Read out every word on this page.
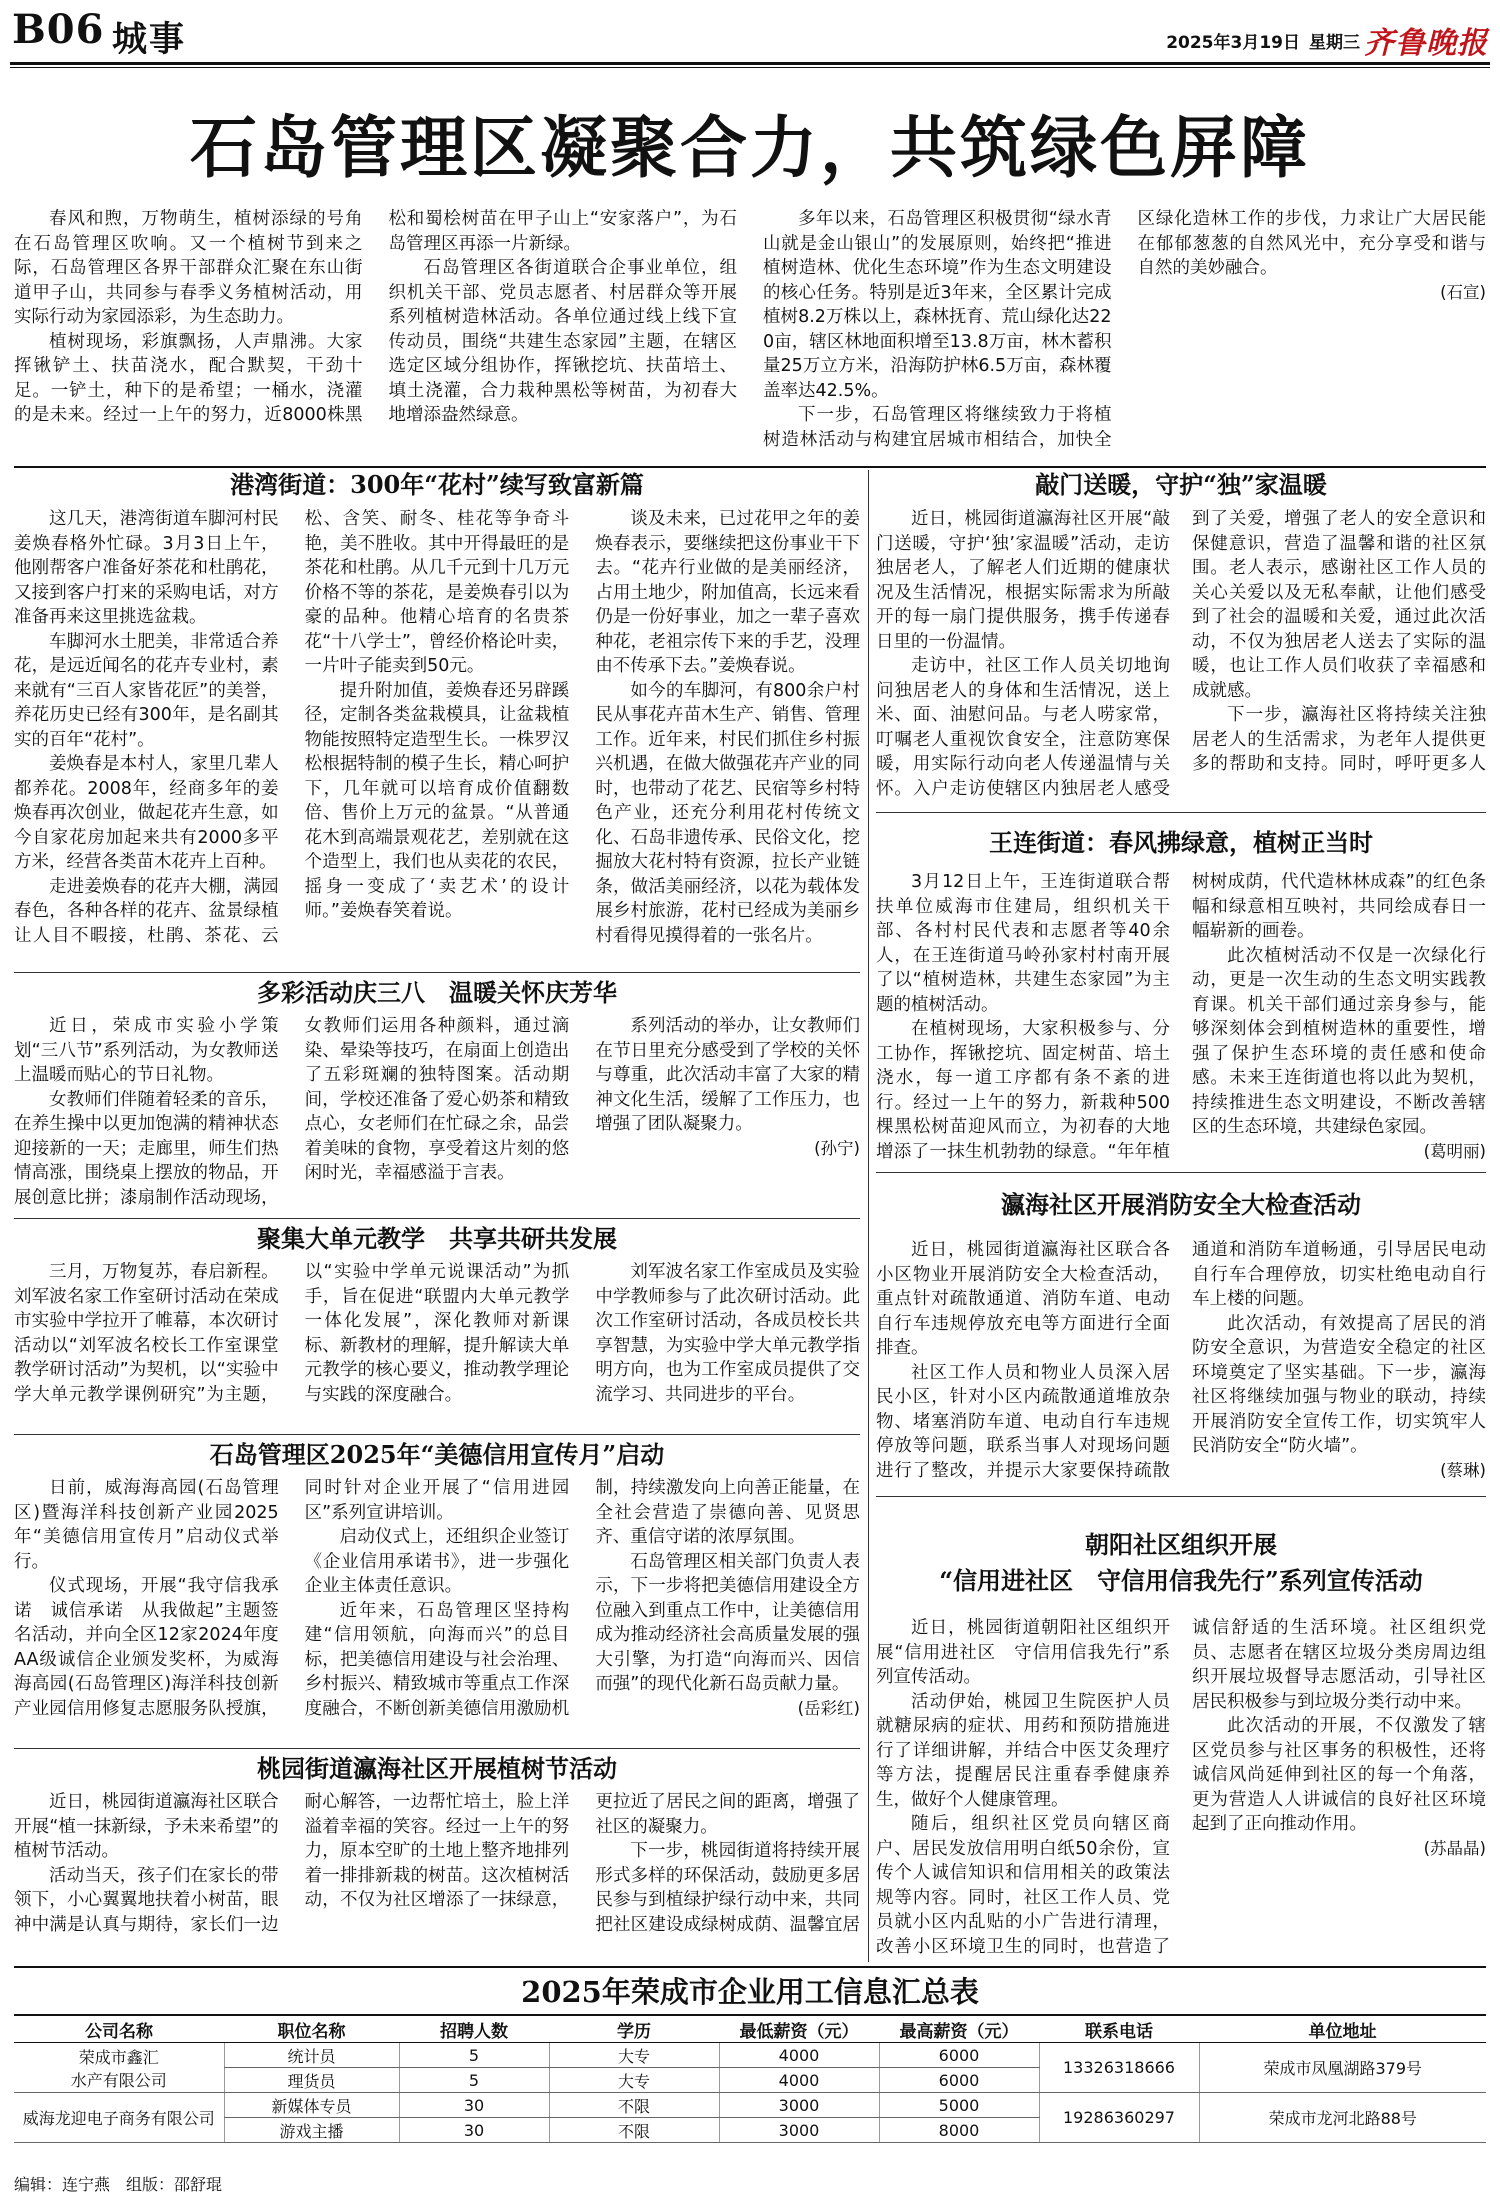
B06 城事	2025年3月19日 星期三 齐鲁晚报
石岛管理区凝聚合力，共筑绿色屏障

春风和煦，万物萌生，植树添绿的号角在石岛管理区吹响。又一个植树节到来之际，石岛管理区各界干部群众汇聚在东山街道甲子山，共同参与春季义务植树活动，用实际行动为家园添彩，为生态助力。

植树现场，彩旗飘扬，人声鼎沸。大家挥锹铲土、扶苗浇水，配合默契，干劲十足。一铲土，种下的是希望；一桶水，浇灌的是未来。经过一上午的努力，近8000株黑松和蜀桧树苗在甲子山上“安家落户”，为石岛管理区再添一片新绿。

石岛管理区各街道联合企事业单位，组织机关干部、党员志愿者、村居群众等开展系列植树造林活动。各单位通过线上线下宣传动员，围绕“共建生态家园”主题，在辖区选定区域分组协作，挥锹挖坑、扶苗培土、填土浇灌，合力栽种黑松等树苗，为初春大地增添盎然绿意。

多年以来，石岛管理区积极贯彻“绿水青山就是金山银山”的发展原则，始终把“推进植树造林、优化生态环境”作为生态文明建设的核心任务。特别是近3年来，全区累计完成植树8.2万株以上，森林抚育、荒山绿化达220亩，辖区林地面积增至13.8万亩，林木蓄积量25万立方米，沿海防护林6.5万亩，森林覆盖率达42.5%。

下一步，石岛管理区将继续致力于将植树造林活动与构建宜居城市相结合，加快全区绿化造林工作的步伐，力求让广大居民能在郁郁葱葱的自然风光中，充分享受和谐与自然的美妙融合。

(石宣)
港湾街道：300年“花村”续写致富新篇

这几天，港湾街道车脚河村民姜焕春格外忙碌。3月3日上午，他刚帮客户准备好茶花和杜鹃花，又接到客户打来的采购电话，对方准备再来这里挑选盆栽。

车脚河水土肥美，非常适合养花，是远近闻名的花卉专业村，素来就有“三百人家皆花匠”的美誉，养花历史已经有300年，是名副其实的百年“花村”。

姜焕春是本村人，家里几辈人都养花。2008年，经商多年的姜焕春再次创业，做起花卉生意，如今自家花房加起来共有2000多平方米，经营各类苗木花卉上百种。

走进姜焕春的花卉大棚，满园春色，各种各样的花卉、盆景绿植让人目不暇接，杜鹃、茶花、云松、含笑、耐冬、桂花等争奇斗艳，美不胜收。其中开得最旺的是茶花和杜鹃。从几千元到十几万元价格不等的茶花，是姜焕春引以为豪的品种。他精心培育的名贵茶花“十八学士”，曾经价格论叶卖，一片叶子能卖到50元。

提升附加值，姜焕春还另辟蹊径，定制各类盆栽模具，让盆栽植物能按照特定造型生长。一株罗汉松根据特制的模子生长，精心呵护下，几年就可以培育成价值翻数倍、售价上万元的盆景。“从普通花木到高端景观花艺，差别就在这个造型上，我们也从卖花的农民，摇身一变成了‘卖艺术’的设计师。”姜焕春笑着说。

谈及未来，已过花甲之年的姜焕春表示，要继续把这份事业干下去。“花卉行业做的是美丽经济，占用土地少，附加值高，长远来看仍是一份好事业，加之一辈子喜欢种花，老祖宗传下来的手艺，没理由不传承下去。”姜焕春说。

如今的车脚河，有800余户村民从事花卉苗木生产、销售、管理工作。近年来，村民们抓住乡村振兴机遇，在做大做强花卉产业的同时，也带动了花艺、民宿等乡村特色产业，还充分利用花村传统文化、石岛非遗传承、民俗文化，挖掘放大花村特有资源，拉长产业链条，做活美丽经济，以花为载体发展乡村旅游，花村已经成为美丽乡村看得见摸得着的一张名片。

多彩活动庆三八　温暖关怀庆芳华

近日，荣成市实验小学策划“三八节”系列活动，为女教师送上温暖而贴心的节日礼物。

女教师们伴随着轻柔的音乐，在养生操中以更加饱满的精神状态迎接新的一天；走廊里，师生们热情高涨，围绕桌上摆放的物品，开展创意比拼；漆扇制作活动现场，女教师们运用各种颜料，通过滴染、晕染等技巧，在扇面上创造出了五彩斑斓的独特图案。活动期间，学校还准备了爱心奶茶和精致点心，女老师们在忙碌之余，品尝着美味的食物，享受着这片刻的悠闲时光，幸福感溢于言表。

系列活动的举办，让女教师们在节日里充分感受到了学校的关怀与尊重，此次活动丰富了大家的精神文化生活，缓解了工作压力，也增强了团队凝聚力。

(孙宁)
聚集大单元教学　共享共研共发展

三月，万物复苏，春启新程。刘军波名家工作室研讨活动在荣成市实验中学拉开了帷幕，本次研讨活动以“刘军波名校长工作室课堂教学研讨活动”为契机，以“实验中学大单元教学课例研究”为主题，以“实验中学单元说课活动”为抓手，旨在促进“联盟内大单元教学一体化发展”，深化教师对新课标、新教材的理解，提升解读大单元教学的核心要义，推动教学理论与实践的深度融合。

刘军波名家工作室成员及实验中学教师参与了此次研讨活动。此次工作室研讨活动，各成员校长共享智慧，为实验中学大单元教学指明方向，也为工作室成员提供了交流学习、共同进步的平台。

石岛管理区2025年“美德信用宣传月”启动

日前，威海海高园(石岛管理区)暨海洋科技创新产业园2025年“美德信用宣传月”启动仪式举行。

仪式现场，开展“我守信我承诺　诚信承诺　从我做起”主题签名活动，并向全区12家2024年度AA级诚信企业颁发奖杯，为威海海高园(石岛管理区)海洋科技创新产业园信用修复志愿服务队授旗，同时针对企业开展了“信用进园区”系列宣讲培训。

启动仪式上，还组织企业签订《企业信用承诺书》，进一步强化企业主体责任意识。

近年来，石岛管理区坚持构建“信用领航，向海而兴”的总目标，把美德信用建设与社会治理、乡村振兴、精致城市等重点工作深度融合，不断创新美德信用激励机制，持续激发向上向善正能量，在全社会营造了崇德向善、见贤思齐、重信守诺的浓厚氛围。

石岛管理区相关部门负责人表示，下一步将把美德信用建设全方位融入到重点工作中，让美德信用成为推动经济社会高质量发展的强大引擎，为打造“向海而兴、因信而强”的现代化新石岛贡献力量。

(岳彩红)
桃园街道瀛海社区开展植树节活动

近日，桃园街道瀛海社区联合开展“植一抹新绿，予未来希望”的植树节活动。

活动当天，孩子们在家长的带领下，小心翼翼地扶着小树苗，眼神中满是认真与期待，家长们一边耐心解答，一边帮忙培土，脸上洋溢着幸福的笑容。经过一上午的努力，原本空旷的土地上整齐地排列着一排排新栽的树苗。这次植树活动，不仅为社区增添了一抹绿意，更拉近了居民之间的距离，增强了社区的凝聚力。

下一步，桃园街道将持续开展形式多样的环保活动，鼓励更多居民参与到植绿护绿行动中来，共同把社区建设成绿树成荫、温馨宜居

敲门送暖，守护“独”家温暖

近日，桃园街道瀛海社区开展“敲门送暖，守护‘独’家温暖”活动，走访独居老人，了解老人们近期的健康状况及生活情况，根据实际需求为所敲开的每一扇门提供服务，携手传递春日里的一份温情。

走访中，社区工作人员关切地询问独居老人的身体和生活情况，送上米、面、油慰问品。与老人唠家常，叮嘱老人重视饮食安全，注意防寒保暖，用实际行动向老人传递温情与关怀。入户走访使辖区内独居老人感受到了关爱，增强了老人的安全意识和保健意识，营造了温馨和谐的社区氛围。老人表示，感谢社区工作人员的关心关爱以及无私奉献，让他们感受到了社会的温暖和关爱，通过此次活动，不仅为独居老人送去了实际的温暖，也让工作人员们收获了幸福感和成就感。

下一步，瀛海社区将持续关注独居老人的生活需求，为老年人提供更多的帮助和支持。同时，呼吁更多人

王连街道：春风拂绿意，植树正当时

3月12日上午，王连街道联合帮扶单位威海市住建局，组织机关干部、各村村民代表和志愿者等40余人，在王连街道马岭孙家村村南开展了以“植树造林，共建生态家园”为主题的植树活动。

在植树现场，大家积极参与、分工协作，挥锹挖坑、固定树苗、培土浇水，每一道工序都有条不紊的进行。经过一上午的努力，新栽种500棵黑松树苗迎风而立，为初春的大地增添了一抹生机勃勃的绿意。“年年植树树成荫，代代造林林成森”的红色条幅和绿意相互映衬，共同绘成春日一幅崭新的画卷。

此次植树活动不仅是一次绿化行动，更是一次生动的生态文明实践教育课。机关干部们通过亲身参与，能够深刻体会到植树造林的重要性，增强了保护生态环境的责任感和使命感。未来王连街道也将以此为契机，持续推进生态文明建设，不断改善辖区的生态环境，共建绿色家园。

(葛明丽)
瀛海社区开展消防安全大检查活动

近日，桃园街道瀛海社区联合各小区物业开展消防安全大检查活动，重点针对疏散通道、消防车道、电动自行车违规停放充电等方面进行全面排查。

社区工作人员和物业人员深入居民小区，针对小区内疏散通道堆放杂物、堵塞消防车道、电动自行车违规停放等问题，联系当事人对现场问题进行了整改，并提示大家要保持疏散通道和消防车道畅通，引导居民电动自行车合理停放，切实杜绝电动自行车上楼的问题。

此次活动，有效提高了居民的消防安全意识，为营造安全稳定的社区环境奠定了坚实基础。下一步，瀛海社区将继续加强与物业的联动，持续开展消防安全宣传工作，切实筑牢人民消防安全“防火墙”。

(蔡琳)
朝阳社区组织开展
“信用进社区　守信用信我先行”系列宣传活动

近日，桃园街道朝阳社区组织开展“信用进社区　守信用信我先行”系列宣传活动。

活动伊始，桃园卫生院医护人员就糖尿病的症状、用药和预防措施进行了详细讲解，并结合中医艾灸理疗等方法，提醒居民注重春季健康养生，做好个人健康管理。

随后，组织社区党员向辖区商户、居民发放信用明白纸50余份，宣传个人诚信知识和信用相关的政策法规等内容。同时，社区工作人员、党员就小区内乱贴的小广告进行清理，改善小区环境卫生的同时，也营造了诚信舒适的生活环境。社区组织党员、志愿者在辖区垃圾分类房周边组织开展垃圾督导志愿活动，引导社区居民积极参与到垃圾分类行动中来。

此次活动的开展，不仅激发了辖区党员参与社区事务的积极性，还将诚信风尚延伸到社区的每一个角落，更为营造人人讲诚信的良好社区环境起到了正向推动作用。

(苏晶晶)
2025年荣成市企业用工信息汇总表
公司名称	职位名称	招聘人数	学历	最低薪资（元）	最高薪资（元）	联系电话	单位地址

荣成市鑫汇
水产有限公司	统计员	5	大专	4000	6000	13326318666	荣成市凤凰湖路379号
	理货员	5	大专	4000	6000		

威海龙迎电子商务有限公司	新媒体专员	30	不限	3000	5000	19286360297	荣成市龙河北路88号
	游戏主播	30	不限	3000	8000		
编辑：连宁燕　组版：邵舒琨
